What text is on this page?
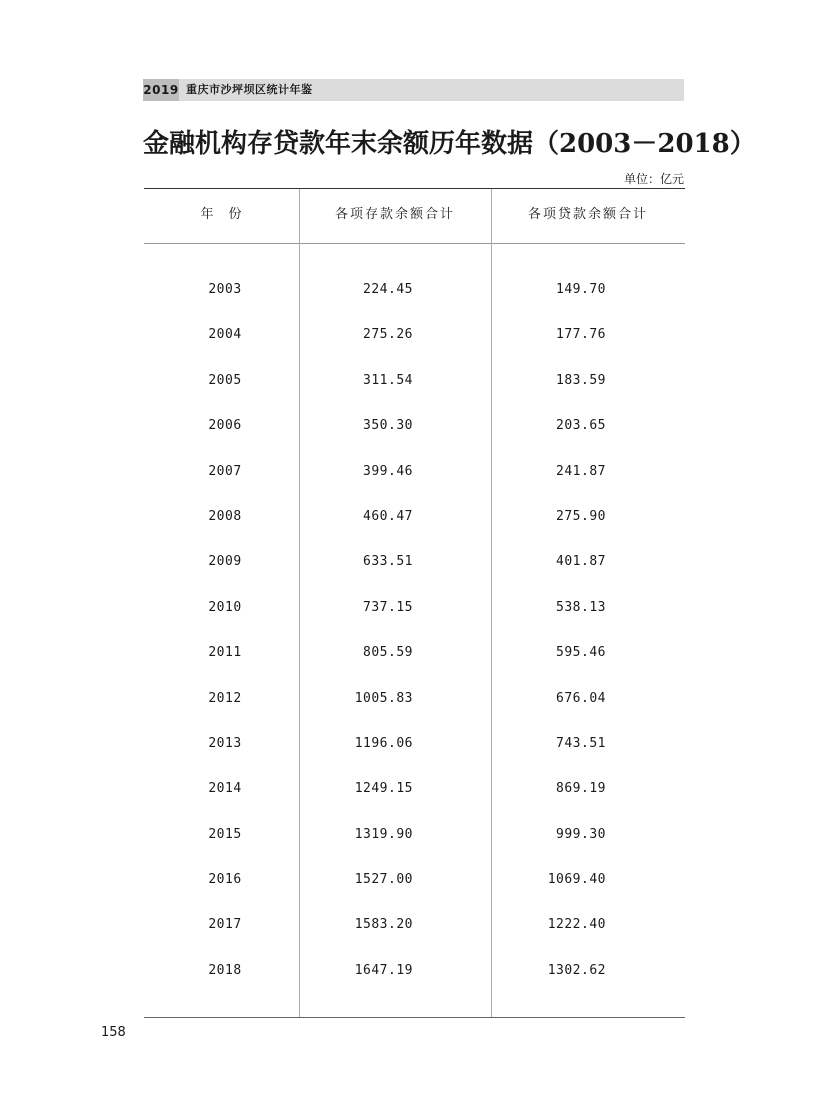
2019 重庆市沙坪坝区统计年鉴
金融机构存贷款年末余额历年数据（2003－2018）
单位：亿元
年　份	各项存款余额合计	各项贷款余额合计
2003	224.45	149.70
2004	275.26	177.76
2005	311.54	183.59
2006	350.30	203.65
2007	399.46	241.87
2008	460.47	275.90
2009	633.51	401.87
2010	737.15	538.13
2011	805.59	595.46
2012	1005.83	676.04
2013	1196.06	743.51
2014	1249.15	869.19
2015	1319.90	999.30
2016	1527.00	1069.40
2017	1583.20	1222.40
2018	1647.19	1302.62
158
